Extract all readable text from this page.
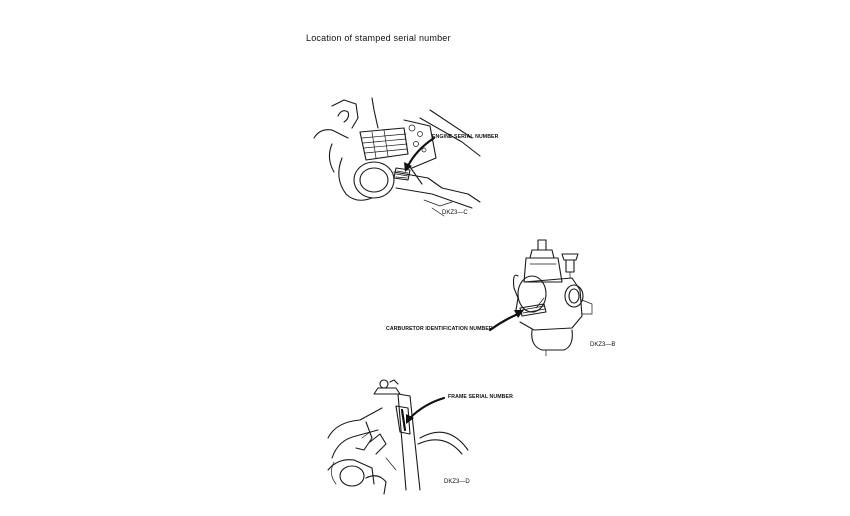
Location of stamped serial number
ENGINE SERIAL NUMBER
DKZ3—C
CARBURETOR IDENTIFICATION NUMBER
DKZ3—B
FRAME SERIAL NUMBER
DKZ3—D
